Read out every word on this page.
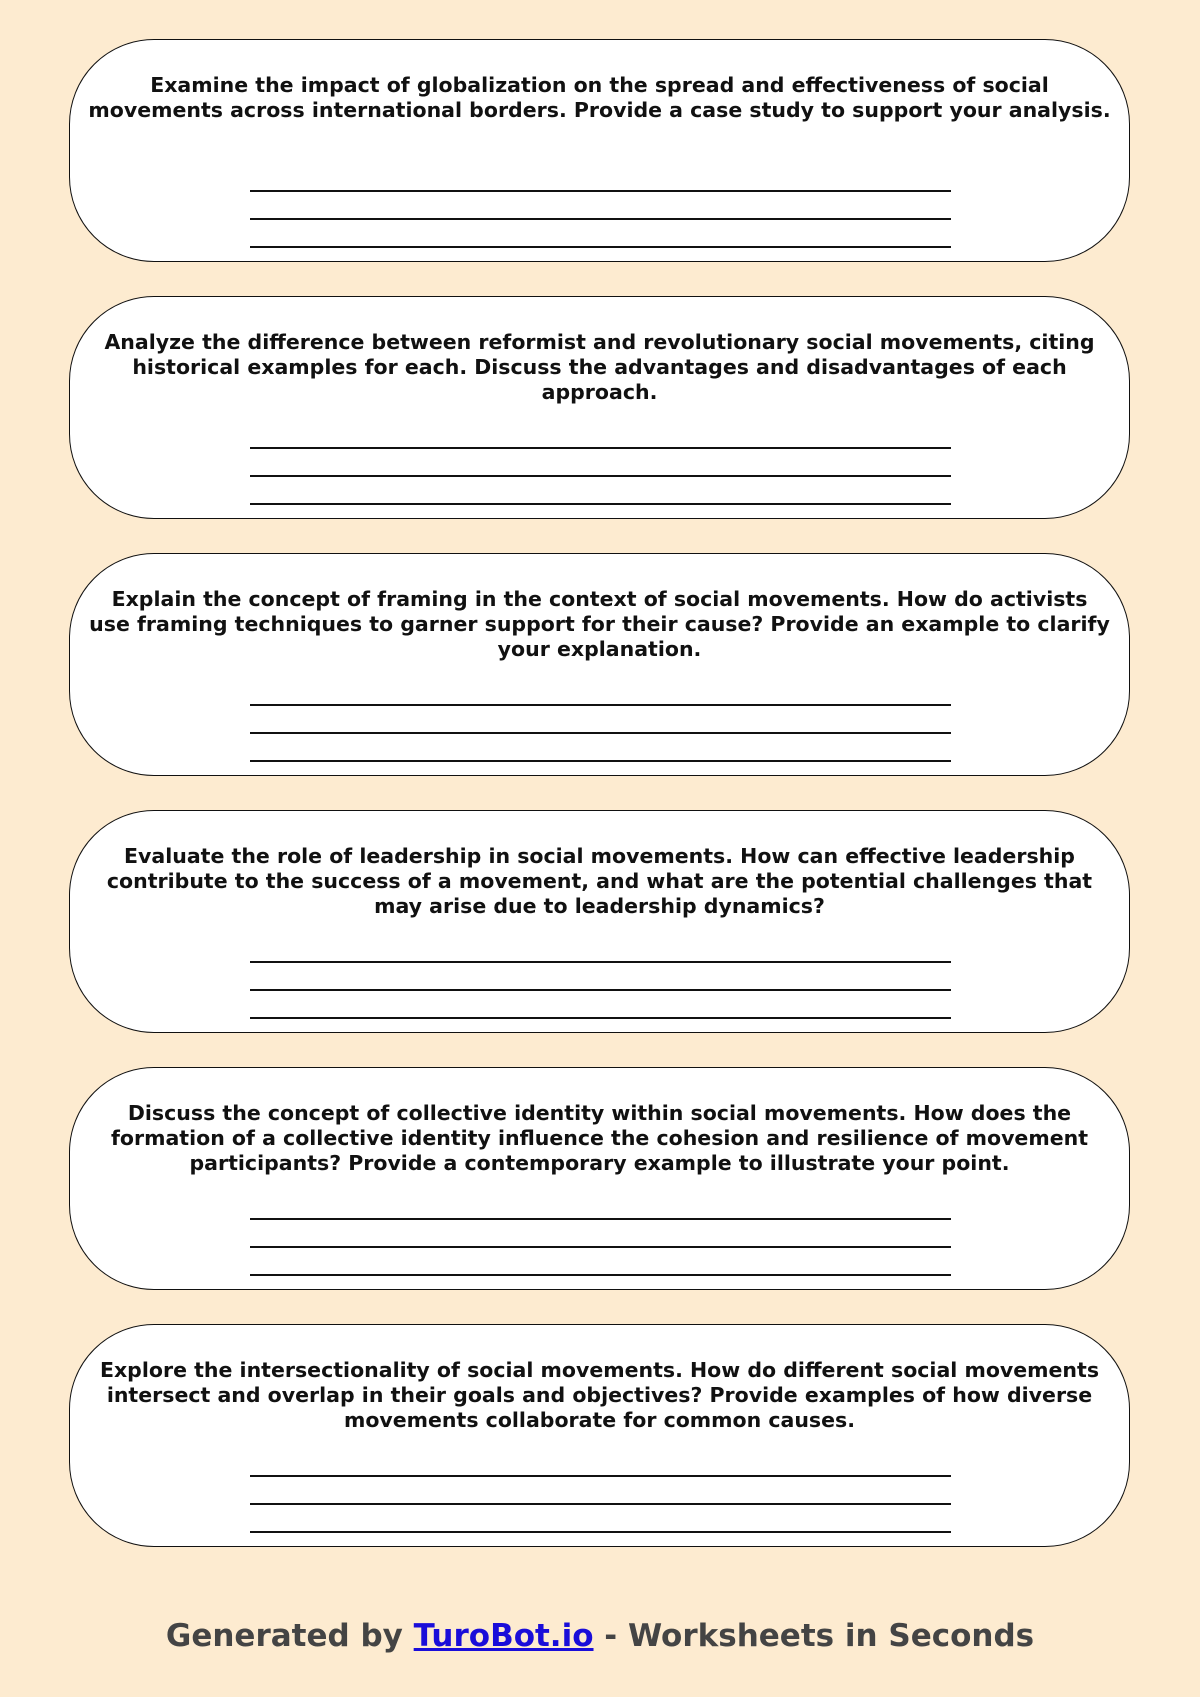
Examine the impact of globalization on the spread and effectiveness of social movements across international borders. Provide a case study to support your analysis.

Analyze the difference between reformist and revolutionary social movements, citing historical examples for each. Discuss the advantages and disadvantages of each approach.

Explain the concept of framing in the context of social movements. How do activists use framing techniques to garner support for their cause? Provide an example to clarify your explanation.

Evaluate the role of leadership in social movements. How can effective leadership contribute to the success of a movement, and what are the potential challenges that may arise due to leadership dynamics?

Discuss the concept of collective identity within social movements. How does the formation of a collective identity influence the cohesion and resilience of movement participants? Provide a contemporary example to illustrate your point.

Explore the intersectionality of social movements. How do different social movements intersect and overlap in their goals and objectives? Provide examples of how diverse movements collaborate for common causes.

Generated by TuroBot.io - Worksheets in Seconds
